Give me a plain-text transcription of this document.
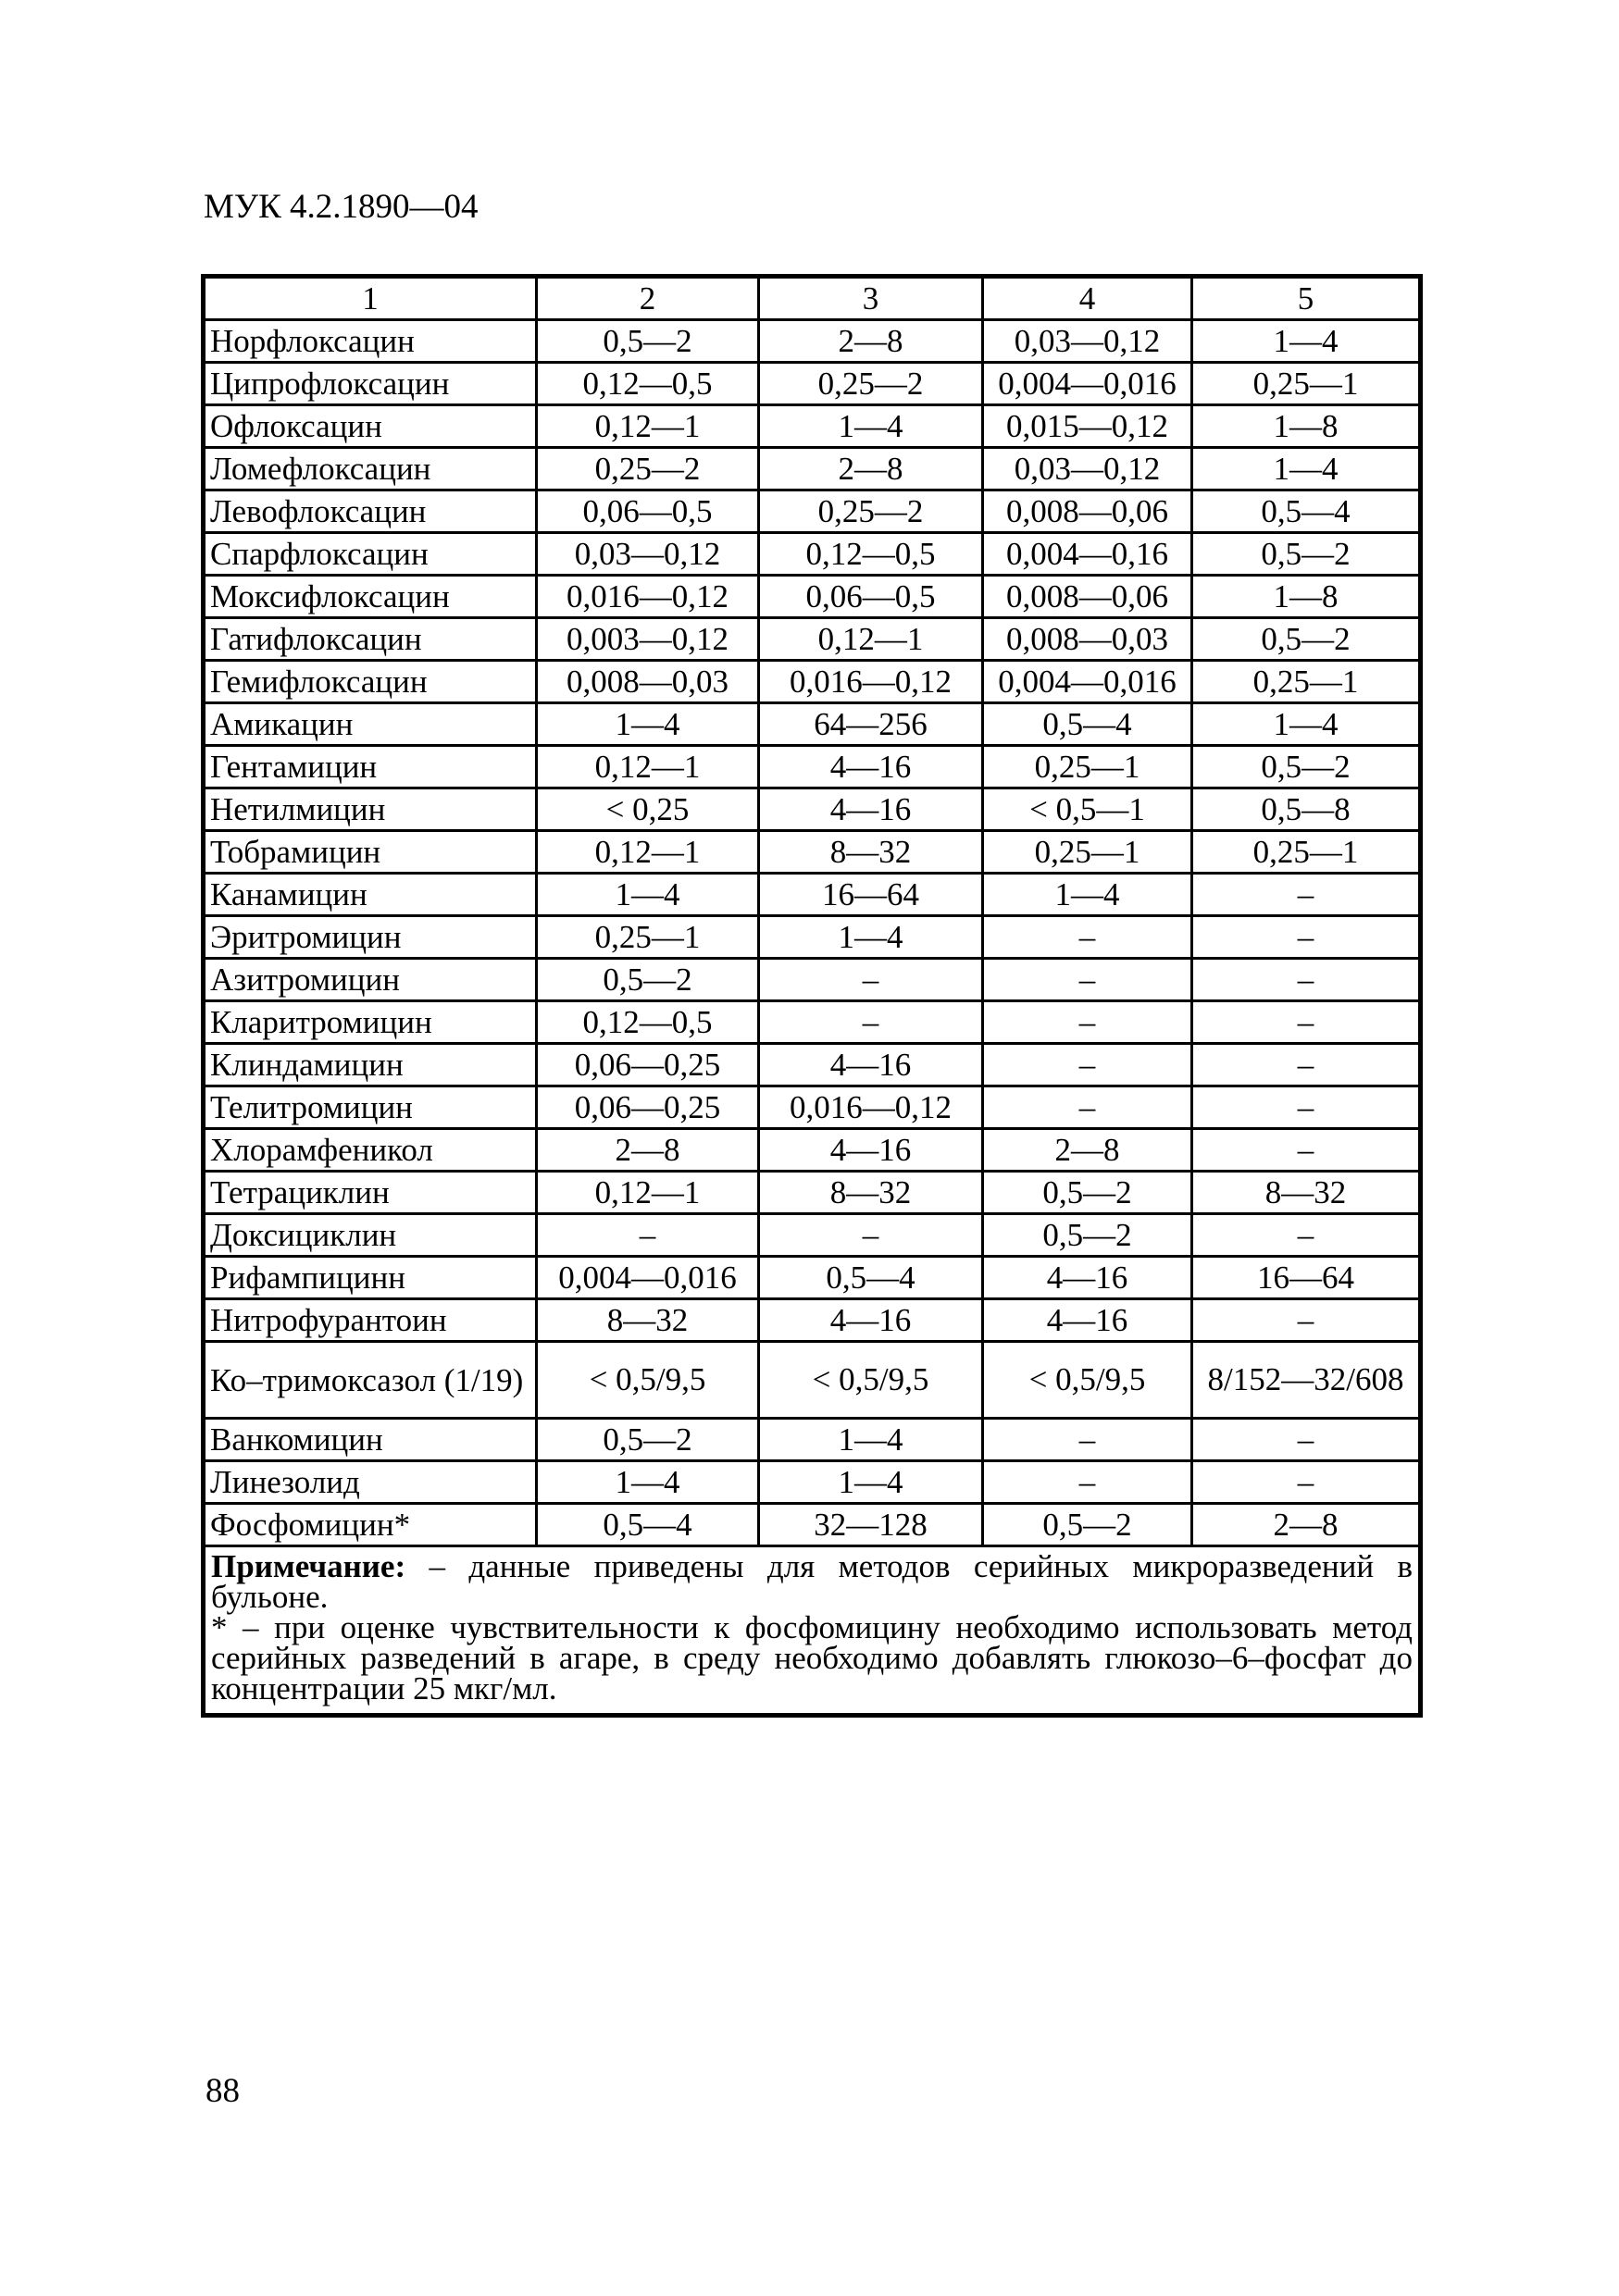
МУК 4.2.1890—04
1	2	3	4	5
Норфлоксацин	0,5—2	2—8	0,03—0,12	1—4
Ципрофлоксацин	0,12—0,5	0,25—2	0,004—0,016	0,25—1
Офлоксацин	0,12—1	1—4	0,015—0,12	1—8
Ломефлоксацин	0,25—2	2—8	0,03—0,12	1—4
Левофлоксацин	0,06—0,5	0,25—2	0,008—0,06	0,5—4
Спарфлоксацин	0,03—0,12	0,12—0,5	0,004—0,16	0,5—2
Моксифлоксацин	0,016—0,12	0,06—0,5	0,008—0,06	1—8
Гатифлоксацин	0,003—0,12	0,12—1	0,008—0,03	0,5—2
Гемифлоксацин	0,008—0,03	0,016—0,12	0,004—0,016	0,25—1
Амикацин	1—4	64—256	0,5—4	1—4
Гентамицин	0,12—1	4—16	0,25—1	0,5—2
Нетилмицин	< 0,25	4—16	< 0,5—1	0,5—8
Тобрамицин	0,12—1	8—32	0,25—1	0,25—1
Канамицин	1—4	16—64	1—4	–
Эритромицин	0,25—1	1—4	–	–
Азитромицин	0,5—2	–	–	–
Кларитромицин	0,12—0,5	–	–	–
Клиндамицин	0,06—0,25	4—16	–	–
Телитромицин	0,06—0,25	0,016—0,12	–	–
Хлорамфеникол	2—8	4—16	2—8	–
Тетрациклин	0,12—1	8—32	0,5—2	8—32
Доксициклин	–	–	0,5—2	–
Рифампицинн	0,004—0,016	0,5—4	4—16	16—64
Нитрофурантоин	8—32	4—16	4—16	–
Ко–тримоксазол (1/19)	< 0,5/9,5	< 0,5/9,5	< 0,5/9,5	8/152—32/608
Ванкомицин	0,5—2	1—4	–	–
Линезолид	1—4	1—4	–	–
Фосфомицин*	0,5—4	32—128	0,5—2	2—8

Примечание: – данные приведены для методов серийных микроразведений в бульоне.

* – при оценке чувствительности к фосфомицину необходимо использовать метод серийных разведений в агаре, в среду необходимо добавлять глюкозо–6–фосфат до концентрации 25 мкг/мл.				

88
